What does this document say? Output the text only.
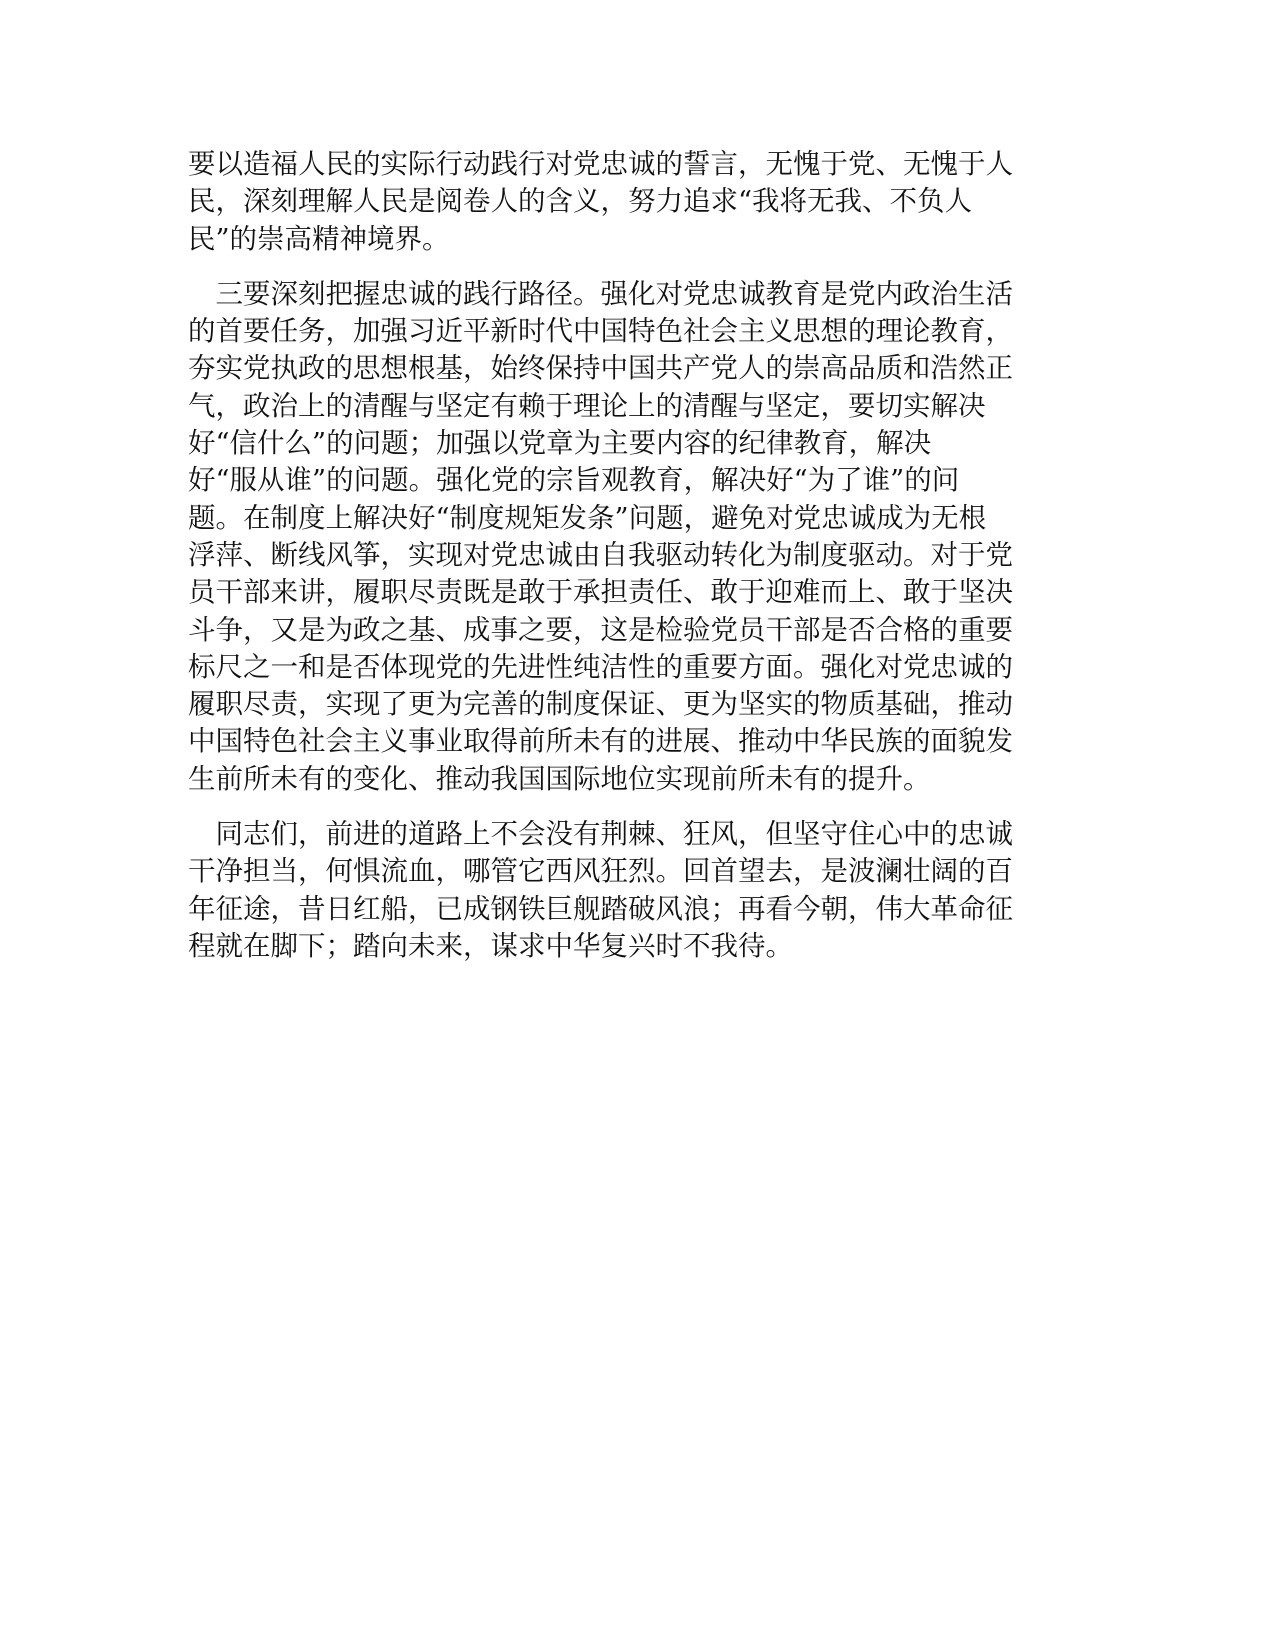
要以造福人民的实际行动践行对党忠诚的誓言，无愧于党、无愧于人
民，深刻理解人民是阅卷人的含义，努力追求“我将无我、不负人
民”的崇高精神境界。

　三要深刻把握忠诚的践行路径。强化对党忠诚教育是党内政治生活
的首要任务，加强习近平新时代中国特色社会主义思想的理论教育，
夯实党执政的思想根基，始终保持中国共产党人的崇高品质和浩然正
气，政治上的清醒与坚定有赖于理论上的清醒与坚定，要切实解决
好“信什么”的问题；加强以党章为主要内容的纪律教育，解决
好“服从谁”的问题。强化党的宗旨观教育，解决好“为了谁”的问
题。在制度上解决好“制度规矩发条”问题，避免对党忠诚成为无根
浮萍、断线风筝，实现对党忠诚由自我驱动转化为制度驱动。对于党
员干部来讲，履职尽责既是敢于承担责任、敢于迎难而上、敢于坚决
斗争，又是为政之基、成事之要，这是检验党员干部是否合格的重要
标尺之一和是否体现党的先进性纯洁性的重要方面。强化对党忠诚的
履职尽责，实现了更为完善的制度保证、更为坚实的物质基础，推动
中国特色社会主义事业取得前所未有的进展、推动中华民族的面貌发
生前所未有的变化、推动我国国际地位实现前所未有的提升。

　同志们，前进的道路上不会没有荆棘、狂风，但坚守住心中的忠诚
干净担当，何惧流血，哪管它西风狂烈。回首望去，是波澜壮阔的百
年征途，昔日红船，已成钢铁巨舰踏破风浪；再看今朝，伟大革命征
程就在脚下；踏向未来，谋求中华复兴时不我待。
